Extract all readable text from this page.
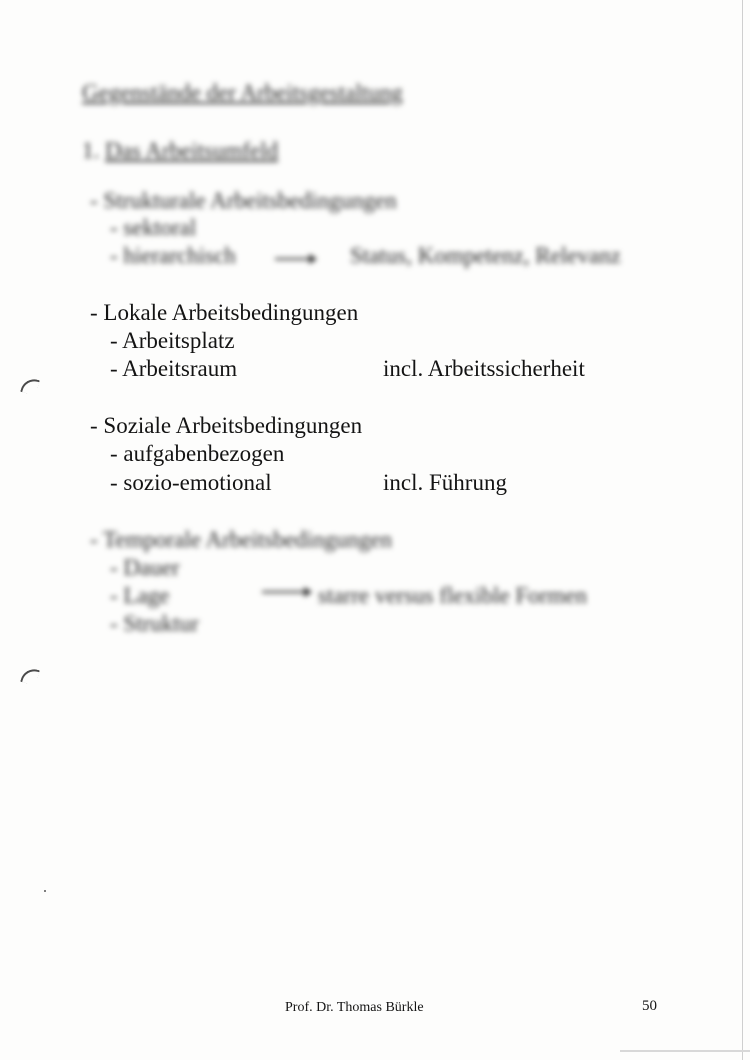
Gegenstände der Arbeitsgestaltung
1. Das Arbeitsumfeld
- Strukturale Arbeitsbedingungen
- sektoral
- hierarchisch	Status, Kompetenz, Relevanz
- Lokale Arbeitsbedingungen
- Arbeitsplatz
- Arbeitsraum	incl. Arbeitssicherheit
- Soziale Arbeitsbedingungen
- aufgabenbezogen
- sozio-emotional	incl. Führung
- Temporale Arbeitsbedingungen
- Dauer
- Lage	starre versus flexible Formen
- Struktur
Prof. Dr. Thomas Bürkle	50
